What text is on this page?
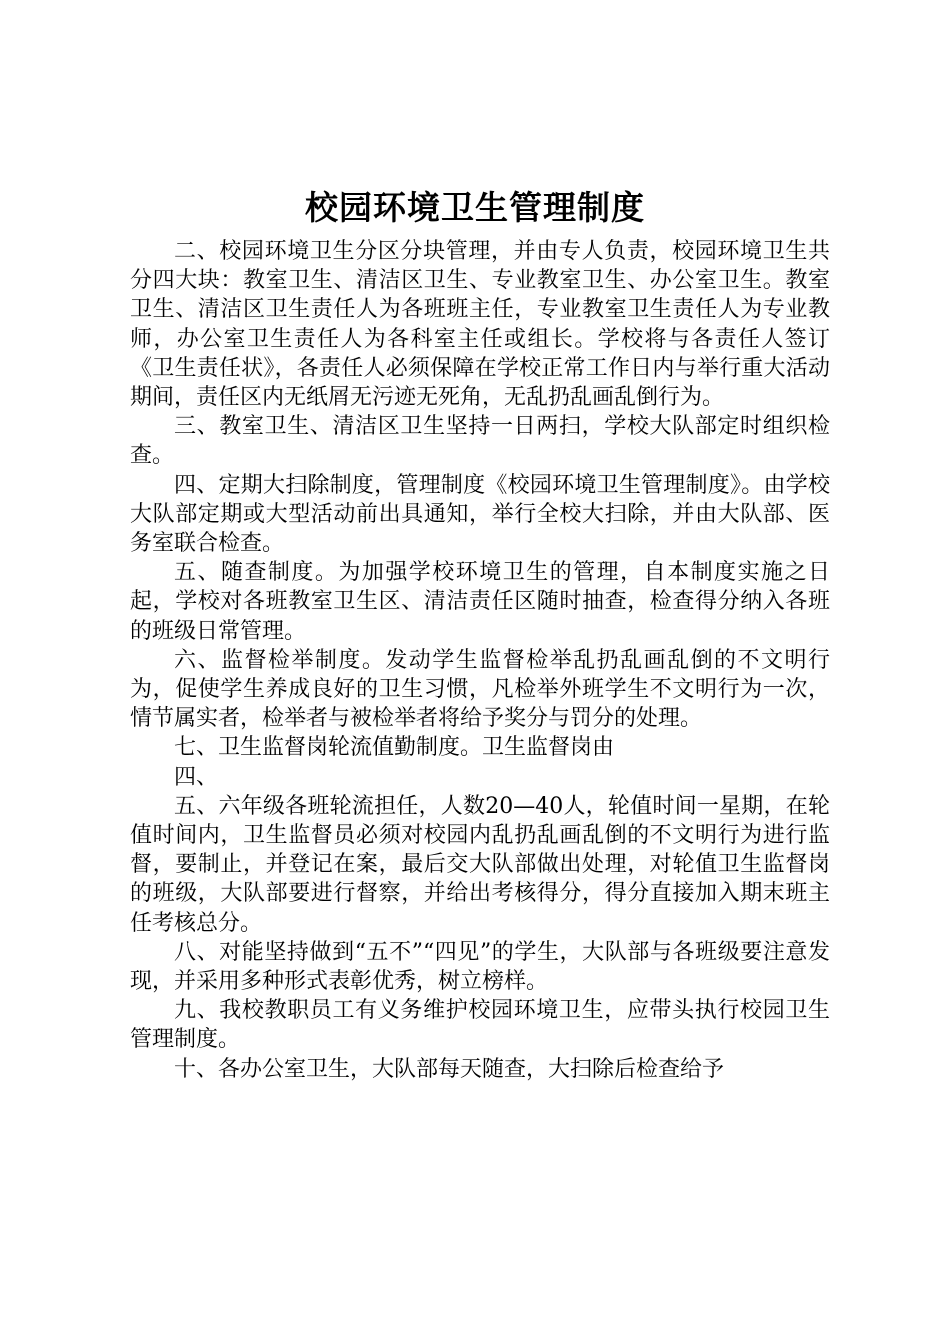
校园环境卫生管理制度

二、校园环境卫生分区分块管理，并由专人负责，校园环境卫生共分四大块：教室卫生、清洁区卫生、专业教室卫生、办公室卫生。教室卫生、清洁区卫生责任人为各班班主任，专业教室卫生责任人为专业教师，办公室卫生责任人为各科室主任或组长。学校将与各责任人签订《卫生责任状》，各责任人必须保障在学校正常工作日内与举行重大活动期间，责任区内无纸屑无污迹无死角，无乱扔乱画乱倒行为。

三、教室卫生、清洁区卫生坚持一日两扫，学校大队部定时组织检查。

四、定期大扫除制度，管理制度《校园环境卫生管理制度》。由学校大队部定期或大型活动前出具通知，举行全校大扫除，并由大队部、医务室联合检查。

五、随查制度。为加强学校环境卫生的管理，自本制度实施之日起，学校对各班教室卫生区、清洁责任区随时抽查，检查得分纳入各班的班级日常管理。

六、监督检举制度。发动学生监督检举乱扔乱画乱倒的不文明行为，促使学生养成良好的卫生习惯，凡检举外班学生不文明行为一次，情节属实者，检举者与被检举者将给予奖分与罚分的处理。

七、卫生监督岗轮流值勤制度。卫生监督岗由

四、

五、六年级各班轮流担任，人数20—40人，轮值时间一星期，在轮值时间内，卫生监督员必须对校园内乱扔乱画乱倒的不文明行为进行监督，要制止，并登记在案，最后交大队部做出处理，对轮值卫生监督岗的班级，大队部要进行督察，并给出考核得分，得分直接加入期末班主任考核总分。

八、对能坚持做到“五不”“四见”的学生，大队部与各班级要注意发现，并采用多种形式表彰优秀，树立榜样。

九、我校教职员工有义务维护校园环境卫生，应带头执行校园卫生管理制度。

十、各办公室卫生，大队部每天随查，大扫除后检查给予
